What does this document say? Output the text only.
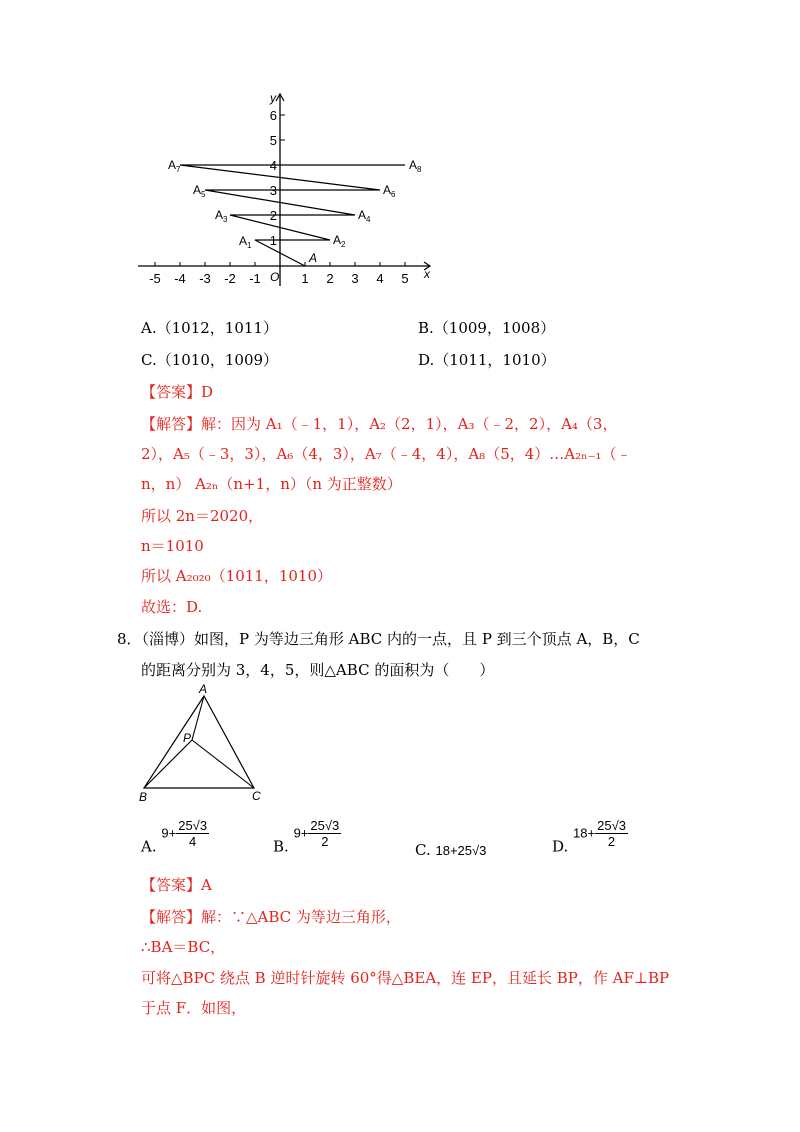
-5 -4 -3 -2 -1	1 2 3 4 5
1
2
3
4
5
6
x
y
O
A
$A_1$	$A_2$
$A_3$	$A_4$
$A_5$	$A_6$
$A_7$	$A_8$
A.（1012，1011）	B.（1009，1008）
C.（1010，1009）	D.（1011，1010）
【答案】D
【解答】解：因为 A₁（﹣1，1），A₂（2，1），A₃（﹣2，2），A₄（3，
2），A₅（﹣3，3），A₆（4，3），A₇（﹣4，4），A₈（5，4）…A₂ₙ₋₁（﹣
n，n） A₂ₙ（n+1，n）（n 为正整数）
所以 2n＝2020，
n＝1010
所以 A₂₀₂₀（1011，1010）
故选：D.
8．（淄博）如图，P 为等边三角形 ABC 内的一点，且 P 到三个顶点 A，B，C
的距离分别为 3，4，5，则△ABC 的面积为（　　）
A
B	C
P
A. $9+ \frac{25√3}{4}$	B. $9+ \frac{25√3}{2}$
C. 18+25√3	D. $18+ \frac{25√3}{2}$
【答案】A
【解答】解：∵△ABC 为等边三角形，
∴BA＝BC，
可将△BPC 绕点 B 逆时针旋转 60°得△BEA，连 EP，且延长 BP，作 AF⊥BP
于点 F．如图，
